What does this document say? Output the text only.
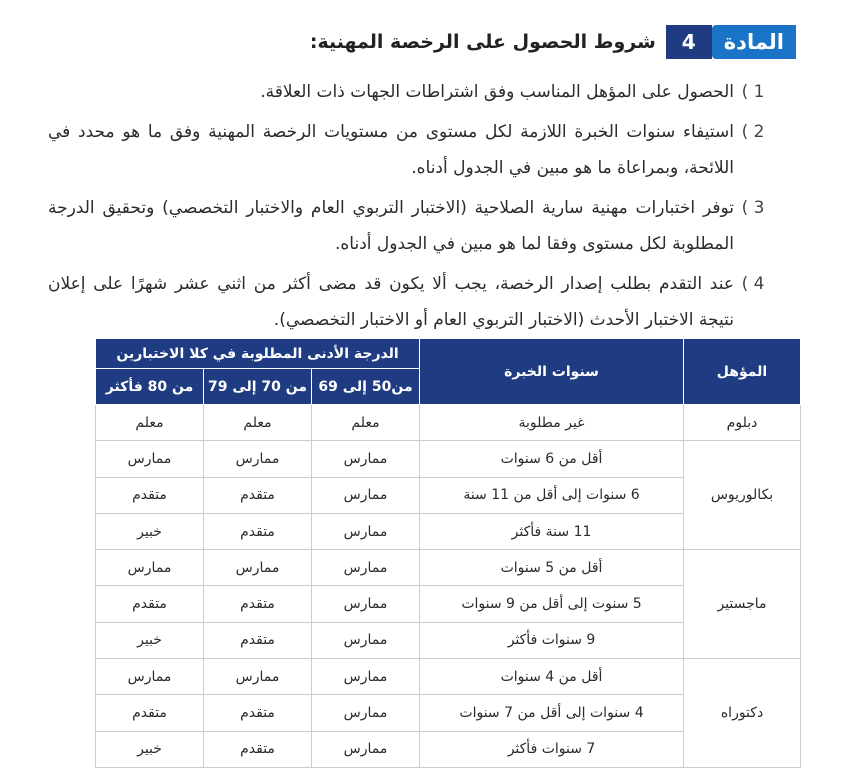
المادة
4
شروط الحصول على الرخصة المهنية:
1 )
الحصول على المؤهل المناسب وفق اشتراطات الجهات ذات العلاقة.
2 )
استيفاء سنوات الخبرة اللازمة لكل مستوى من مستويات الرخصة المهنية وفق ما هو محدد في اللائحة، وبمراعاة ما هو مبين في الجدول أدناه.
3 )
توفر اختبارات مهنية سارية الصلاحية (الاختبار التربوي العام والاختبار التخصصي) وتحقيق الدرجة المطلوبة لكل مستوى وفقا لما هو مبين في الجدول أدناه.
4 )
عند التقدم بطلب إصدار الرخصة، يجب ألا يكون قد مضى أكثر من اثني عشر شهرًا على إعلان نتيجة الاختبار الأحدث (الاختبار التربوي العام أو الاختبار التخصصي).
المؤهل	سنوات الخبرة	الدرجة الأدنى المطلوبة في كلا الاختبارين		
		من50 إلى 69	من 70 إلى 79	من 80 فأكثر
دبلوم	غير مطلوبة	معلم	معلم	معلم
بكالوريوس	أقل من 6 سنوات	ممارس	ممارس	ممارس
	6 سنوات إلى أقل من 11 سنة	ممارس	متقدم	متقدم
	11 سنة فأكثر	ممارس	متقدم	خبير
ماجستير	أقل من 5 سنوات	ممارس	ممارس	ممارس
	5 سنوت إلى أقل من 9 سنوات	ممارس	متقدم	متقدم
	9 سنوات فأكثر	ممارس	متقدم	خبير
دكتوراه	أقل من 4 سنوات	ممارس	ممارس	ممارس
	4 سنوات إلى أقل من 7 سنوات	ممارس	متقدم	متقدم
	7 سنوات فأكثر	ممارس	متقدم	خبير
